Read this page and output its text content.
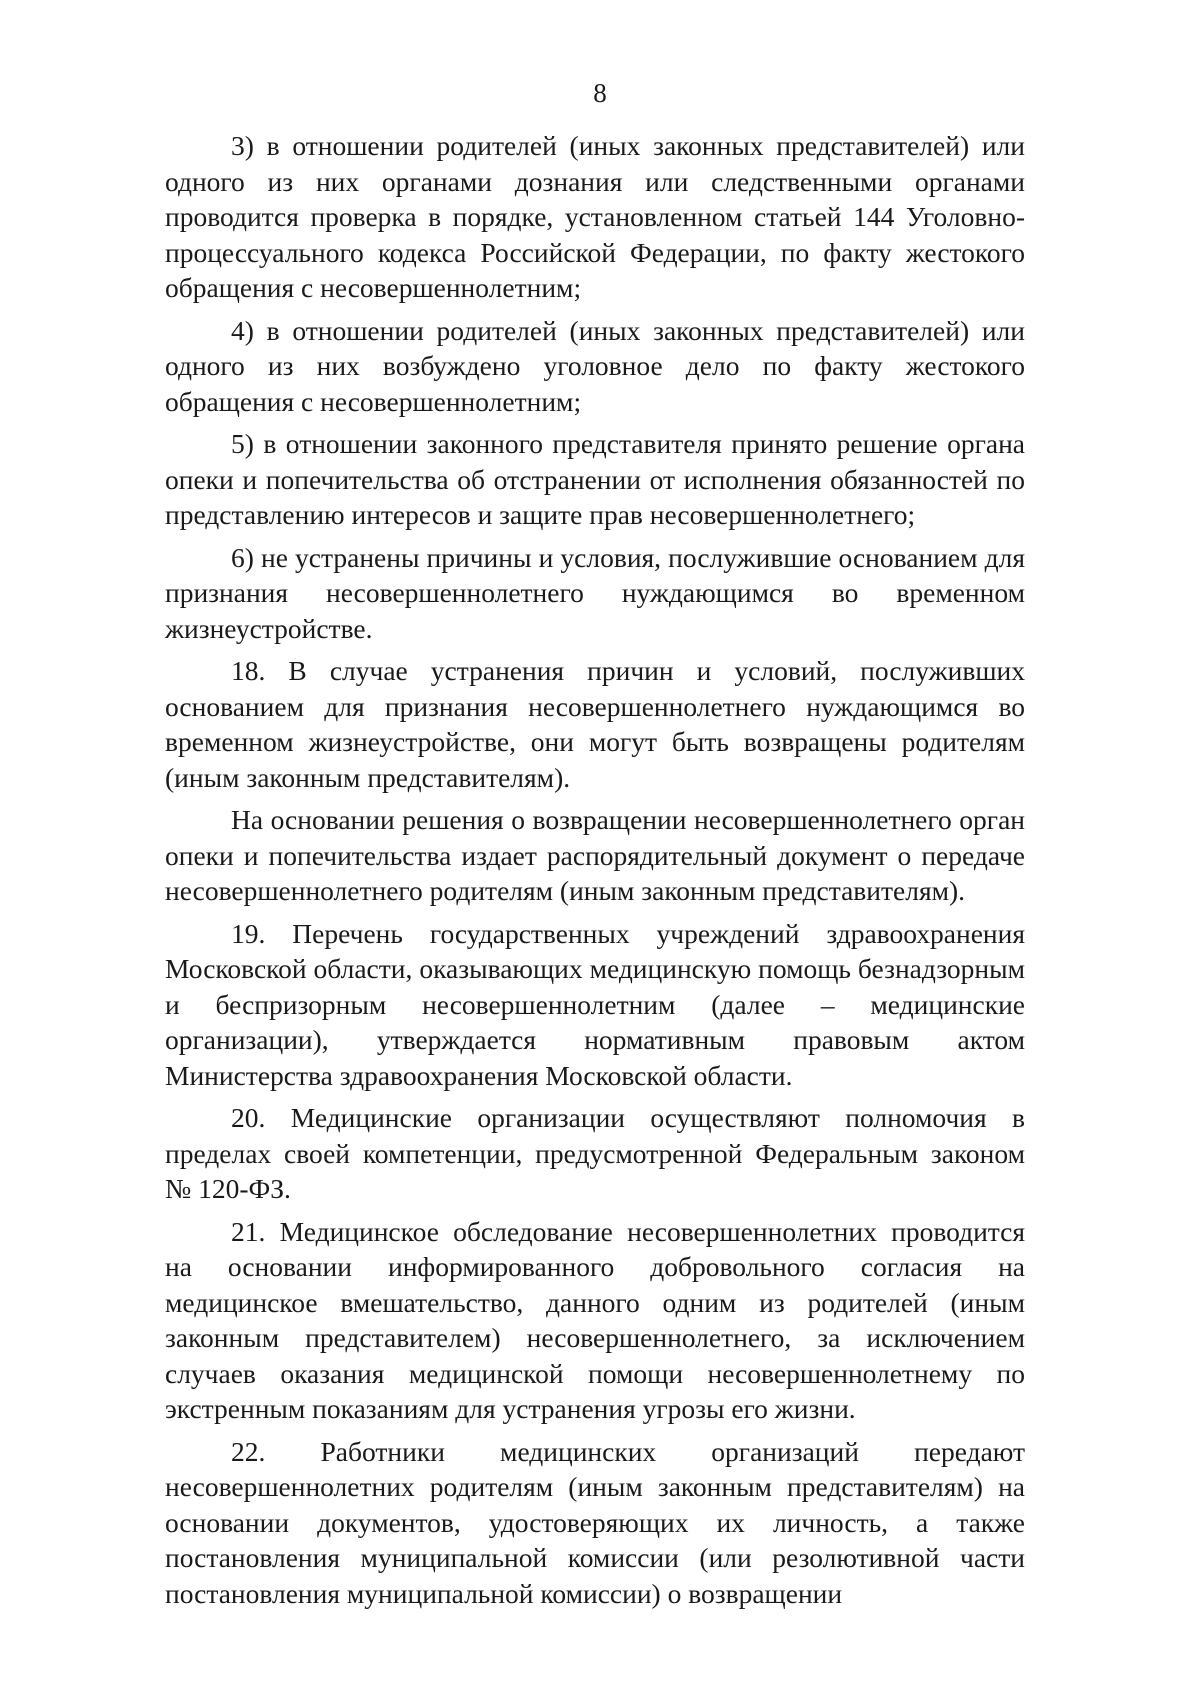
8

3) в отношении родителей (иных законных представителей) или одного из них органами дознания или следственными органами проводится проверка в порядке, установленном статьей 144 Уголовно-процессуального кодекса Российской Федерации, по факту жестокого обращения с несовершеннолетним;

4) в отношении родителей (иных законных представителей) или одного из них возбуждено уголовное дело по факту жестокого обращения с несовершеннолетним;

5) в отношении законного представителя принято решение органа опеки и попечительства об отстранении от исполнения обязанностей по представлению интересов и защите прав несовершеннолетнего;

6) не устранены причины и условия, послужившие основанием для признания несовершеннолетнего нуждающимся во временном жизнеустройстве.

18. В случае устранения причин и условий, послуживших основанием для признания несовершеннолетнего нуждающимся во временном жизнеустройстве, они могут быть возвращены родителям (иным законным представителям).

На основании решения о возвращении несовершеннолетнего орган опеки и попечительства издает распорядительный документ о передаче несовершеннолетнего родителям (иным законным представителям).

19. Перечень государственных учреждений здравоохранения Московской области, оказывающих медицинскую помощь безнадзорным и беспризорным несовершеннолетним (далее – медицинские организации), утверждается нормативным правовым актом Министерства здравоохранения Московской области.

20. Медицинские организации осуществляют полномочия в пределах своей компетенции, предусмотренной Федеральным законом № 120-ФЗ.

21. Медицинское обследование несовершеннолетних проводится на основании информированного добровольного согласия на медицинское вмешательство, данного одним из родителей (иным законным представителем) несовершеннолетнего, за исключением случаев оказания медицинской помощи несовершеннолетнему по экстренным показаниям для устранения угрозы его жизни.

22. Работники медицинских организаций передают несовершеннолетних родителям (иным законным представителям) на основании документов, удостоверяющих их личность, а также постановления муниципальной комиссии (или резолютивной части постановления муниципальной комиссии) о возвращении
